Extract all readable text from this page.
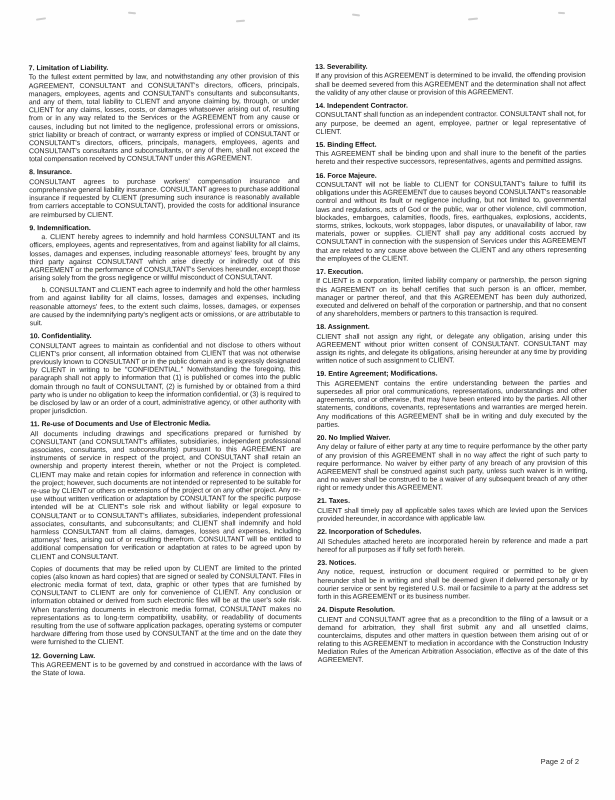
7. Limitation of Liability.

To the fullest extent permitted by law, and notwithstanding any other provision of this AGREEMENT, CONSULTANT and CONSULTANT's directors, officers, principals, managers, employees, agents and CONSULTANT's consultants and subconsultants, and any of them, total liability to CLIENT and anyone claiming by, through, or under CLIENT for any claims, losses, costs, or damages whatsoever arising out of, resulting from or in any way related to the Services or the AGREEMENT from any cause or causes, including but not limited to the negligence, professional errors or omissions, strict liability or breach of contract, or warranty express or implied of CONSULTANT or CONSULTANT's directors, officers, principals, managers, employees, agents and CONSULTANT's consultants and subconsultants, or any of them, shall not exceed the total compensation received by CONSULTANT under this AGREEMENT.

8. Insurance.

CONSULTANT agrees to purchase workers' compensation insurance and comprehensive general liability insurance. CONSULTANT agrees to purchase additional insurance if requested by CLIENT (presuming such insurance is reasonably available from carriers acceptable to CONSULTANT), provided the costs for additional insurance are reimbursed by CLIENT.

9. Indemnification.

a. CLIENT hereby agrees to indemnify and hold harmless CONSULTANT and its officers, employees, agents and representatives, from and against liability for all claims, losses, damages and expenses, including reasonable attorneys' fees, brought by any third party against CONSULTANT which arise directly or indirectly out of this AGREEMENT or the performance of CONSULTANT's Services hereunder, except those arising solely from the gross negligence or willful misconduct of CONSULTANT.

b. CONSULTANT and CLIENT each agree to indemnify and hold the other harmless from and against liability for all claims, losses, damages and expenses, including reasonable attorneys' fees, to the extent such claims, losses, damages, or expenses are caused by the indemnifying party's negligent acts or omissions, or are attributable to suit.

10. Confidentiality.

CONSULTANT agrees to maintain as confidential and not disclose to others without CLIENT's prior consent, all information obtained from CLIENT that was not otherwise previously known to CONSULTANT or in the public domain and is expressly designated by CLIENT in writing to be "CONFIDENTIAL." Notwithstanding the foregoing, this paragraph shall not apply to information that (1) is published or comes into the public domain through no fault of CONSULTANT, (2) is furnished by or obtained from a third party who is under no obligation to keep the information confidential, or (3) is required to be disclosed by law or an order of a court, administrative agency, or other authority with proper jurisdiction.

11. Re-use of Documents and Use of Electronic Media.

All documents including drawings and specifications prepared or furnished by CONSULTANT (and CONSULTANT's affiliates, subsidiaries, independent professional associates, consultants, and subconsultants) pursuant to this AGREEMENT are instruments of service in respect of the project, and CONSULTANT shall retain an ownership and property interest therein, whether or not the Project is completed. CLIENT may make and retain copies for information and reference in connection with the project; however, such documents are not intended or represented to be suitable for re-use by CLIENT or others on extensions of the project or on any other project. Any re-use without written verification or adaptation by CONSULTANT for the specific purpose intended will be at CLIENT's sole risk and without liability or legal exposure to CONSULTANT or to CONSULTANT's affiliates, subsidiaries, independent professional associates, consultants, and subconsultants; and CLIENT shall indemnify and hold harmless CONSULTANT from all claims, damages, losses and expenses, including attorneys' fees, arising out of or resulting therefrom. CONSULTANT will be entitled to additional compensation for verification or adaptation at rates to be agreed upon by CLIENT and CONSULTANT.

Copies of documents that may be relied upon by CLIENT are limited to the printed copies (also known as hard copies) that are signed or sealed by CONSULTANT. Files in electronic media format of text, data, graphic or other types that are furnished by CONSULTANT to CLIENT are only for convenience of CLIENT. Any conclusion or information obtained or derived from such electronic files will be at the user's sole risk. When transferring documents in electronic media format, CONSULTANT makes no representations as to long-term compatibility, usability, or readability of documents resulting from the use of software application packages, operating systems or computer hardware differing from those used by CONSULTANT at the time and on the date they were furnished to the CLIENT.

12. Governing Law.

This AGREEMENT is to be governed by and construed in accordance with the laws of the State of Iowa.

13. Severability.

If any provision of this AGREEMENT is determined to be invalid, the offending provision shall be deemed severed from this AGREEMENT and the determination shall not affect the validity of any other clause or provision of this AGREEMENT.

14. Independent Contractor.

CONSULTANT shall function as an independent contractor. CONSULTANT shall not, for any purpose, be deemed an agent, employee, partner or legal representative of CLIENT.

15. Binding Effect.

This AGREEMENT shall be binding upon and shall inure to the benefit of the parties hereto and their respective successors, representatives, agents and permitted assigns.

16. Force Majeure.

CONSULTANT will not be liable to CLIENT for CONSULTANT's failure to fulfill its obligations under this AGREEMENT due to causes beyond CONSULTANT's reasonable control and without its fault or negligence including, but not limited to, governmental laws and regulations, acts of God or the public, war or other violence, civil commotion, blockades, embargoes, calamities, floods, fires, earthquakes, explosions, accidents, storms, strikes, lockouts, work stoppages, labor disputes, or unavailability of labor, raw materials, power or supplies. CLIENT shall pay any additional costs accrued by CONSULTANT in connection with the suspension of Services under this AGREEMENT that are related to any cause above between the CLIENT and any others representing the employees of the CLIENT.

17. Execution.

If CLIENT is a corporation, limited liability company or partnership, the person signing this AGREEMENT on its behalf certifies that such person is an officer, member, manager or partner thereof, and that this AGREEMENT has been duly authorized, executed and delivered on behalf of the corporation or partnership, and that no consent of any shareholders, members or partners to this transaction is required.

18. Assignment.

CLIENT shall not assign any right, or delegate any obligation, arising under this AGREEMENT without prior written consent of CONSULTANT. CONSULTANT may assign its rights, and delegate its obligations, arising hereunder at any time by providing written notice of such assignment to CLIENT.

19. Entire Agreement; Modifications.

This AGREEMENT contains the entire understanding between the parties and supersedes all prior oral communications, representations, understandings and other agreements, oral or otherwise, that may have been entered into by the parties. All other statements, conditions, covenants, representations and warranties are merged herein. Any modifications of this AGREEMENT shall be in writing and duly executed by the parties.

20. No Implied Waiver.

Any delay or failure of either party at any time to require performance by the other party of any provision of this AGREEMENT shall in no way affect the right of such party to require performance. No waiver by either party of any breach of any provision of this AGREEMENT shall be construed against such party, unless such waiver is in writing, and no waiver shall be construed to be a waiver of any subsequent breach of any other right or remedy under this AGREEMENT.

21. Taxes.

CLIENT shall timely pay all applicable sales taxes which are levied upon the Services provided hereunder, in accordance with applicable law.

22. Incorporation of Schedules.

All Schedules attached hereto are incorporated herein by reference and made a part hereof for all purposes as if fully set forth herein.

23. Notices.

Any notice, request, instruction or document required or permitted to be given hereunder shall be in writing and shall be deemed given if delivered personally or by courier service or sent by registered U.S. mail or facsimile to a party at the address set forth in this AGREEMENT or its business number.

24. Dispute Resolution.

CLIENT and CONSULTANT agree that as a precondition to the filing of a lawsuit or a demand for arbitration, they shall first submit any and all unsettled claims, counterclaims, disputes and other matters in question between them arising out of or relating to this AGREEMENT to mediation in accordance with the Construction Industry Mediation Rules of the American Arbitration Association, effective as of the date of this AGREEMENT.

Page 2 of 2
